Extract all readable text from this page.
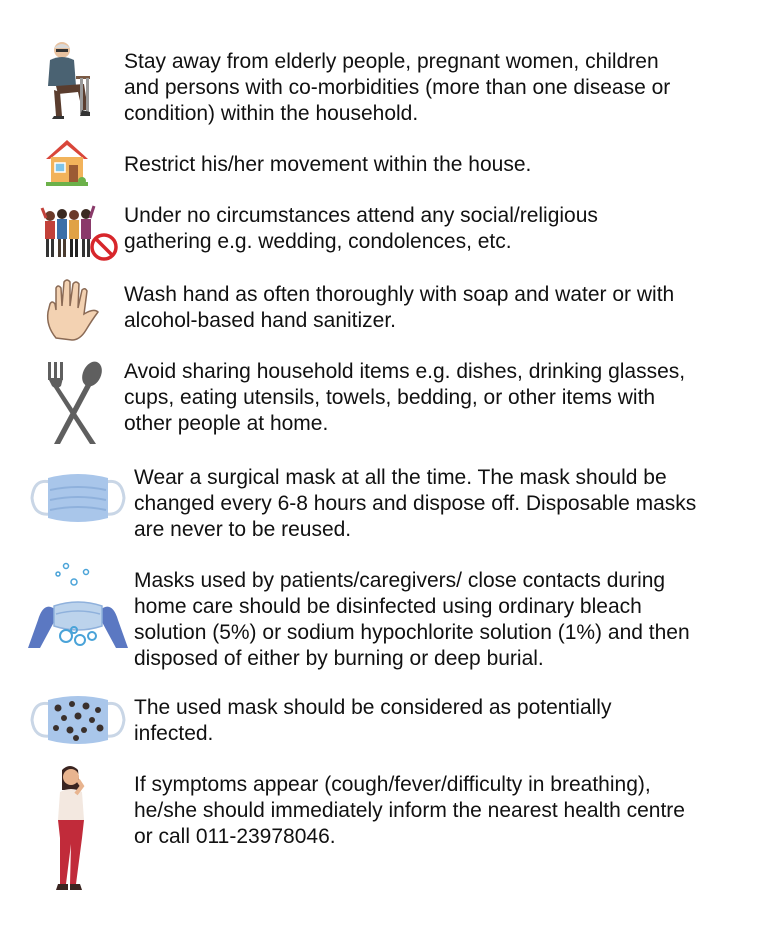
Stay away from elderly people, pregnant women, children
and persons with co-morbidities (more than one disease or
condition) within the household.

Restrict his/her movement within the house.

Under no circumstances attend any social/religious
gathering e.g. wedding, condolences, etc.

Wash hand as often thoroughly with soap and water or with
alcohol-based hand sanitizer.

Avoid sharing household items e.g. dishes, drinking glasses,
cups, eating utensils, towels, bedding, or other items with
other people at home.

Wear a surgical mask at all the time. The mask should be
changed every 6-8 hours and dispose off. Disposable masks
are never to be reused.

Masks used by patients/caregivers/ close contacts during
home care should be disinfected using ordinary bleach
solution (5%) or sodium hypochlorite solution (1%) and then
disposed of either by burning or deep burial.

The used mask should be considered as potentially
infected.

If symptoms appear (cough/fever/difficulty in breathing),
he/she should immediately inform the nearest health centre
or call 011-23978046.
